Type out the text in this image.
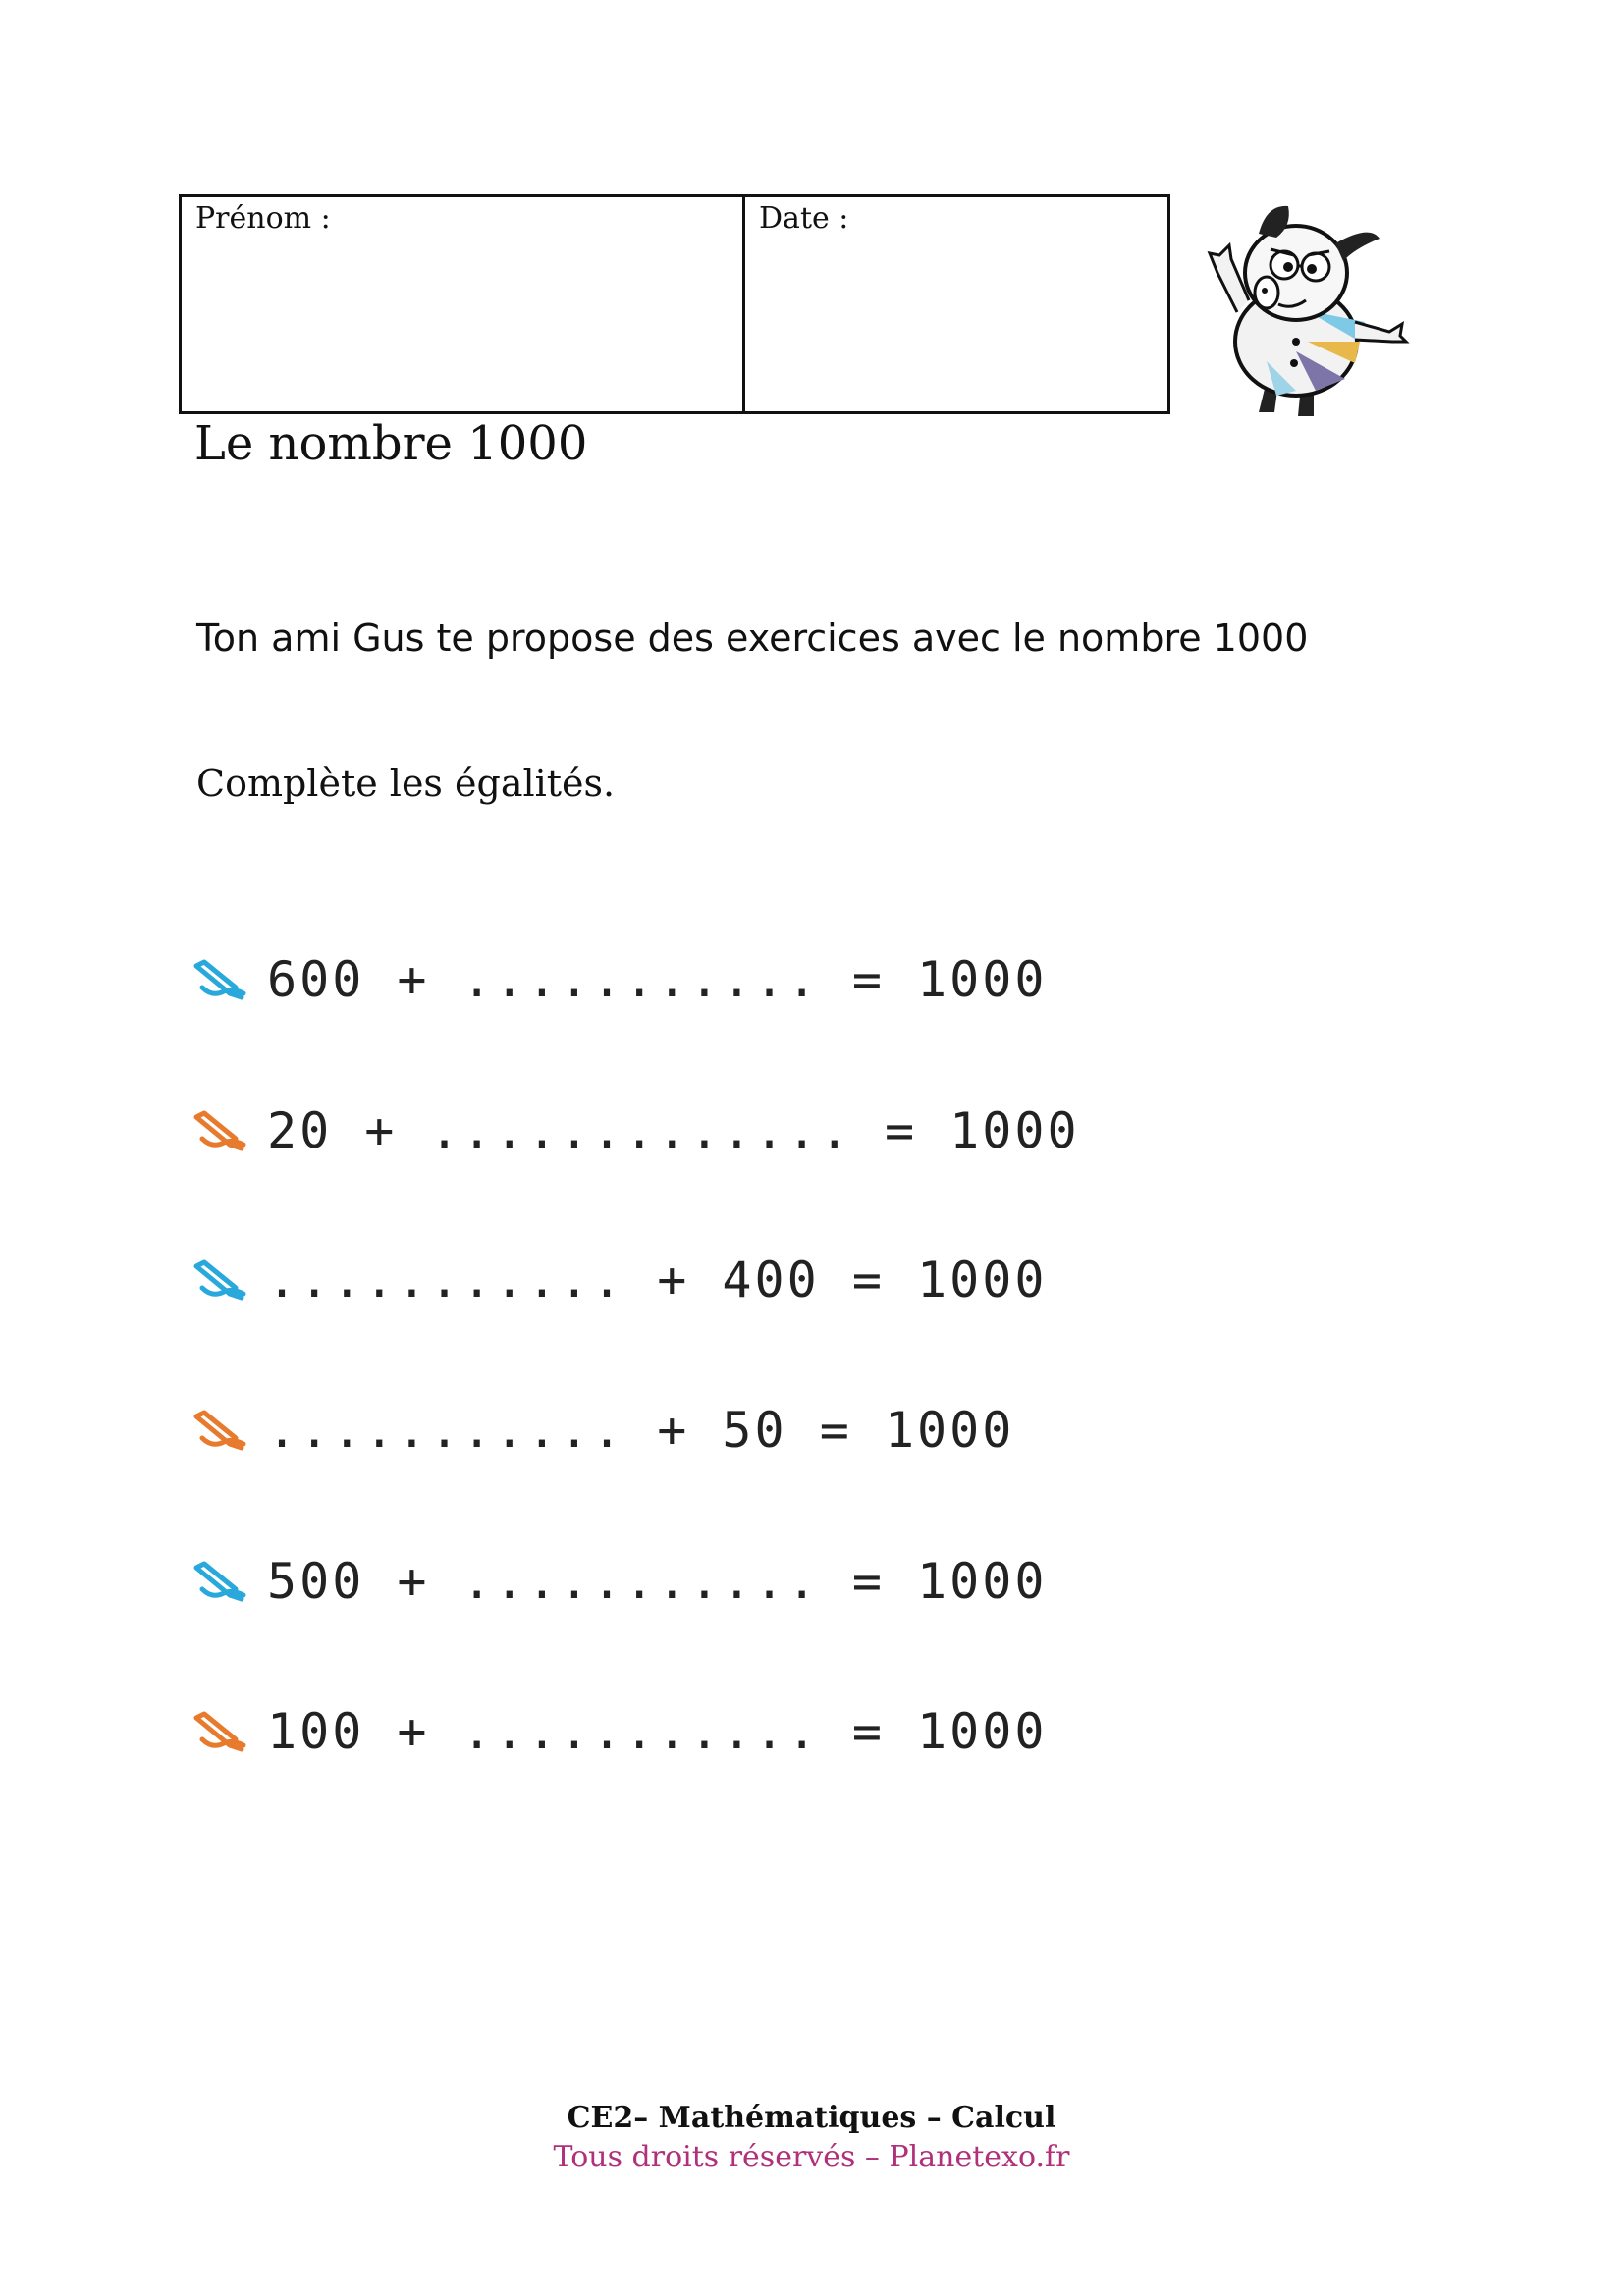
Prénom :	Date :
Le nombre 1000
Ton ami Gus te propose des exercices avec le nombre 1000
Complète les égalités.
600 + ........... = 1000
20 + ............. = 1000
........... + 400 = 1000
........... + 50 = 1000
500 + ........... = 1000
100 + ........... = 1000
CE2– Mathématiques – Calcul
Tous droits réservés – Planetexo.fr
